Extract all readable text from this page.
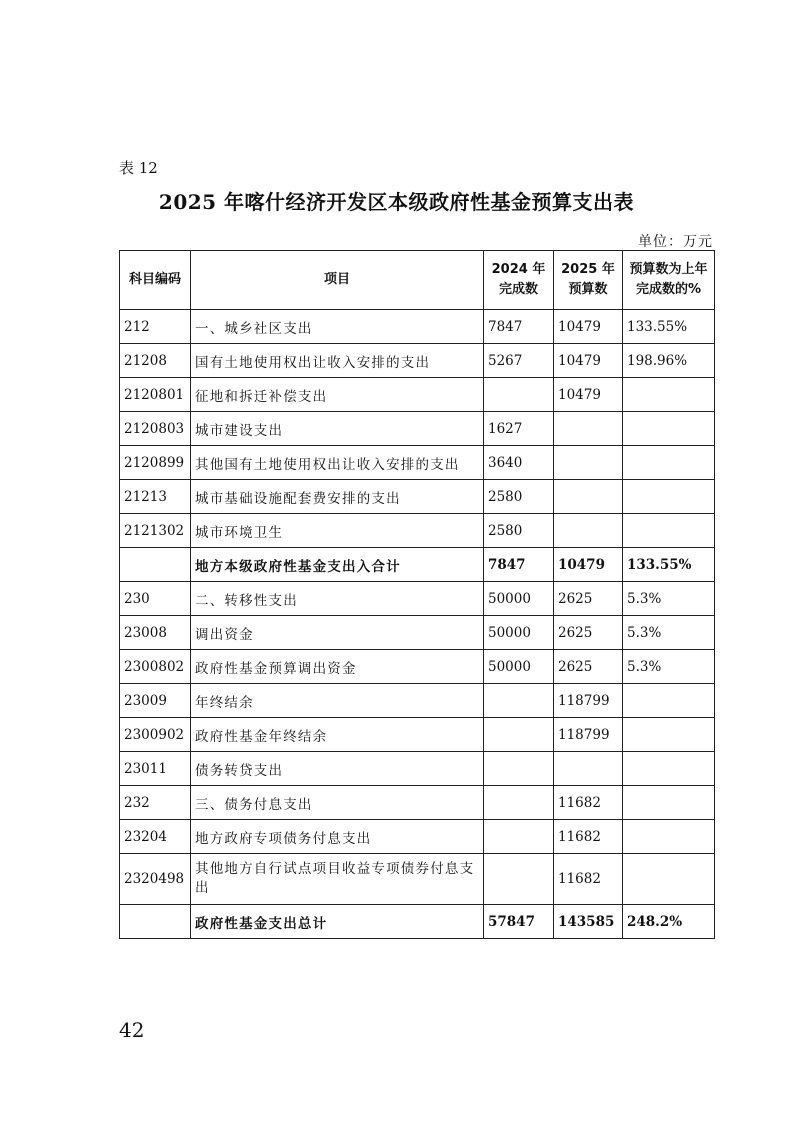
表 12
2025 年喀什经济开发区本级政府性基金预算支出表
单位：万元
科目编码	项目	2024 年完成数	2025 年预算数	预算数为上年完成数的%
212	一、城乡社区支出	7847	10479	133.55%
21208	国有土地使用权出让收入安排的支出	5267	10479	198.96%
2120801	征地和拆迁补偿支出		10479	
2120803	城市建设支出	1627		
2120899	其他国有土地使用权出让收入安排的支出	3640		
21213	城市基础设施配套费安排的支出	2580		
2121302	城市环境卫生	2580		
	地方本级政府性基金支出入合计	7847	10479	133.55%
230	二、转移性支出	50000	2625	5.3%
23008	调出资金	50000	2625	5.3%
2300802	政府性基金预算调出资金	50000	2625	5.3%
23009	年终结余		118799	
2300902	政府性基金年终结余		118799	
23011	债务转贷支出			
232	三、债务付息支出		11682	
23204	地方政府专项债务付息支出		11682	
2320498	其他地方自行试点项目收益专项债券付息支出		11682	
	政府性基金支出总计	57847	143585	248.2%
42
